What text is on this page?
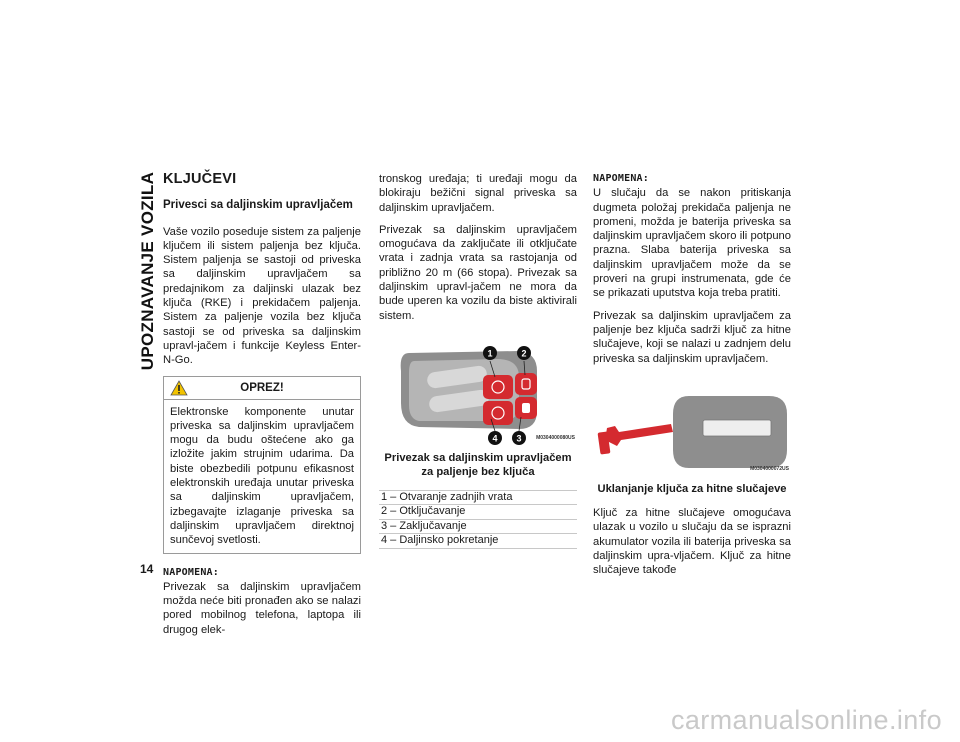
UPOZNAVANJE VOZILA
14
KLJUČEVI
Privesci sa daljinskim upravljačem

Vaše vozilo poseduje sistem za paljenje ključem ili sistem paljenja bez ključa. Sistem paljenja se sastoji od priveska sa daljinskim upravljačem sa predajnikom za daljinski ulazak bez ključa (RKE) i prekidačem paljenja. Sistem za paljenje vozila bez ključa sastoji se od priveska sa daljinskim upravl-jačem i funkcije Keyless Enter-N-Go.

OPREZ!
Elektronske komponente unutar priveska sa daljinskim upravljačem mogu da budu oštećene ako ga izložite jakim strujnim udarima. Da biste obezbedili potpunu efikasnost elektronskih uređaja unutar priveska sa daljinskim upravljačem, izbegavajte izlaganje priveska sa daljinskim upravljačem direktnoj sunčevoj svetlosti.
NAPOMENA:

Privezak sa daljinskim upravljačem možda neće biti pronađen ako se nalazi pored mobilnog telefona, laptopa ili drugog elek-

tronskog uređaja; ti uređaji mogu da blokiraju bežični signal priveska sa daljinskim upravljačem.

Privezak sa daljinskim upravljačem omogućava da zaključate ili otključate vrata i zadnja vrata sa rastojanja od približno 20 m (66 stopa). Privezak sa daljinskim upravl-jačem ne mora da bude uperen ka vozilu da biste aktivirali sistem.

1	2
4 3	M0304000080US
Privezak sa daljinskim upravljačem za paljenje bez ključa
1 – Otvaranje zadnjih vrata
2 – Otključavanje
3 – Zaključavanje
4 – Daljinsko pokretanje
NAPOMENA:

U slučaju da se nakon pritiskanja dugmeta položaj prekidača paljenja ne promeni, možda je baterija priveska sa daljinskim upravljačem skoro ili potpuno prazna. Slaba baterija priveska sa daljinskim upravljačem može da se proveri na grupi instrumenata, gde će se prikazati uputstva koja treba pratiti.

Privezak sa daljinskim upravljačem za paljenje bez ključa sadrži ključ za hitne slučajeve, koji se nalazi u zadnjem delu priveska sa daljinskim upravljačem.

M0304000072US
Uklanjanje ključa za hitne slučajeve

Ključ za hitne slučajeve omogućava ulazak u vozilo u slučaju da se isprazni akumulator vozila ili baterija priveska sa daljinskim upra-vljačem. Ključ za hitne slučajeve takođe

carmanualsonline.info
